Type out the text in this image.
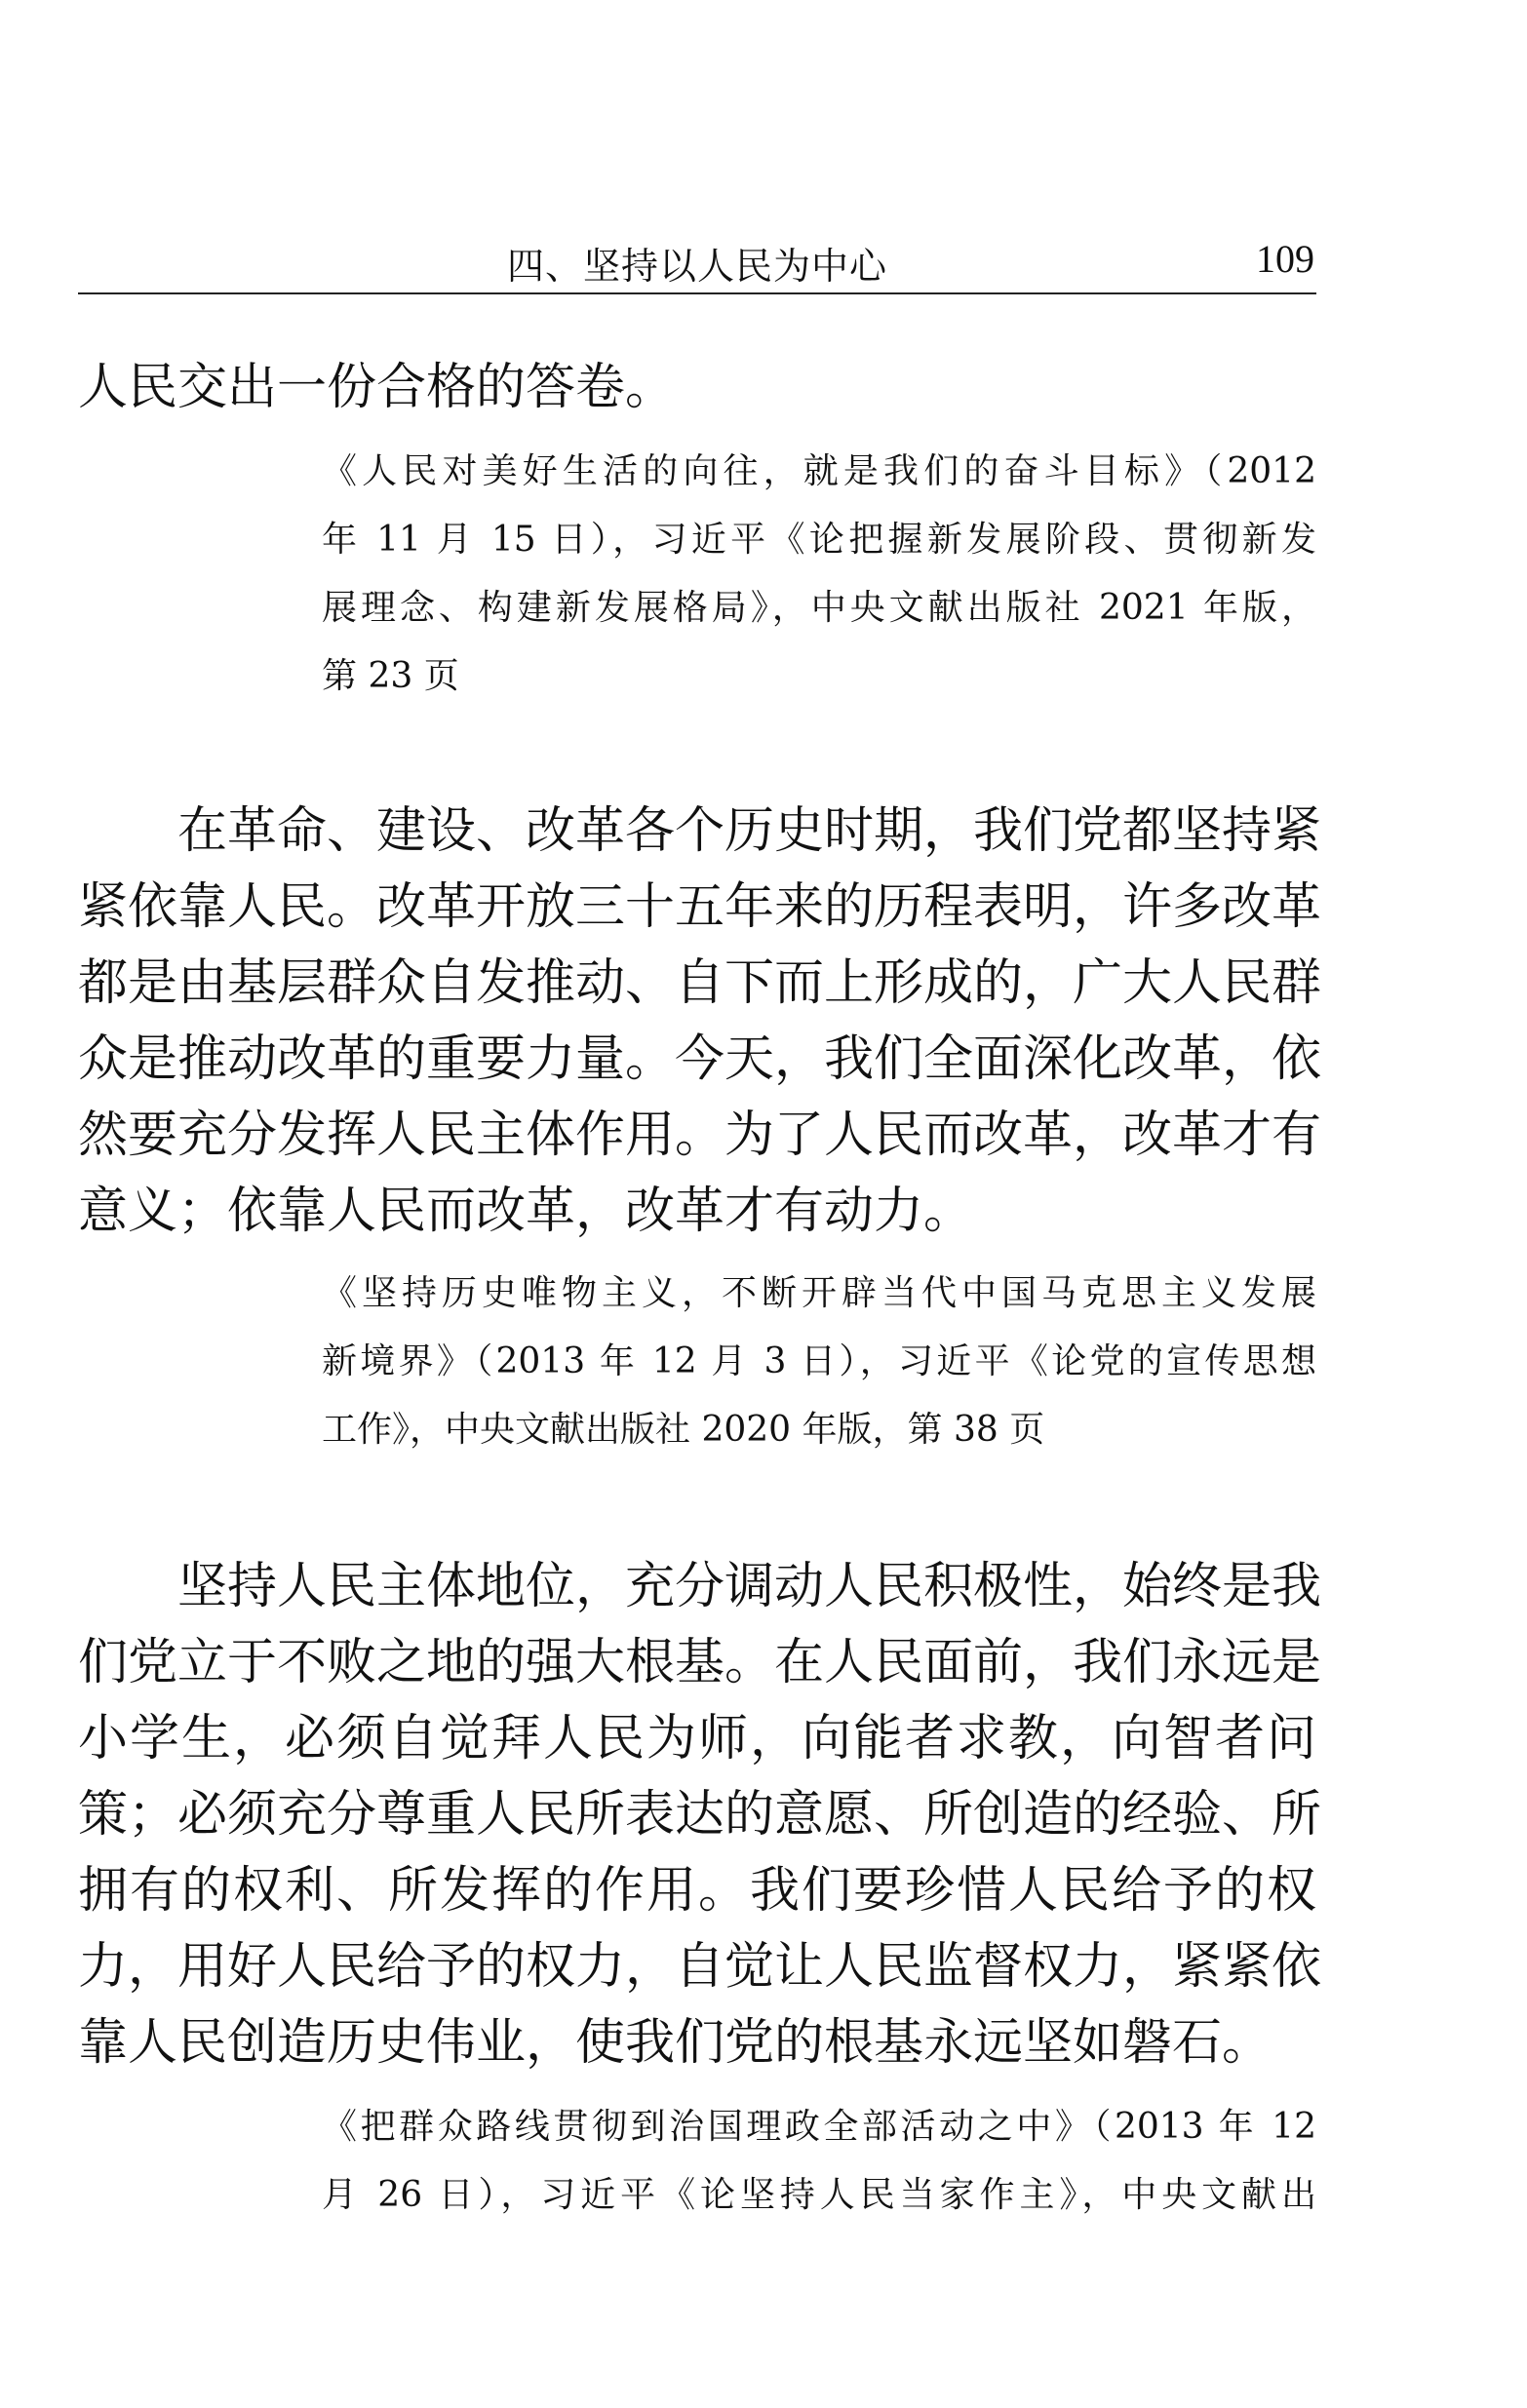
四、坚持以人民为中心	109
人民交出一份合格的答卷。
《人民对美好生活的向往，就是我们的奋斗目标》（2012
年 11 月 15 日），习近平《论把握新发展阶段、贯彻新发
展理念、构建新发展格局》，中央文献出版社 2021 年版，
第 23 页
　　在革命、建设、改革各个历史时期，我们党都坚持紧
紧依靠人民。改革开放三十五年来的历程表明，许多改革
都是由基层群众自发推动、自下而上形成的，广大人民群
众是推动改革的重要力量。今天，我们全面深化改革，依
然要充分发挥人民主体作用。为了人民而改革，改革才有
意义；依靠人民而改革，改革才有动力。
《坚持历史唯物主义，不断开辟当代中国马克思主义发展
新境界》（2013 年 12 月 3 日），习近平《论党的宣传思想
工作》，中央文献出版社 2020 年版，第 38 页
　　坚持人民主体地位，充分调动人民积极性，始终是我
们党立于不败之地的强大根基。在人民面前，我们永远是
小学生，必须自觉拜人民为师，向能者求教，向智者问
策；必须充分尊重人民所表达的意愿、所创造的经验、所
拥有的权利、所发挥的作用。我们要珍惜人民给予的权
力，用好人民给予的权力，自觉让人民监督权力，紧紧依
靠人民创造历史伟业，使我们党的根基永远坚如磐石。
《把群众路线贯彻到治国理政全部活动之中》（2013 年 12
月 26 日），习近平《论坚持人民当家作主》，中央文献出
